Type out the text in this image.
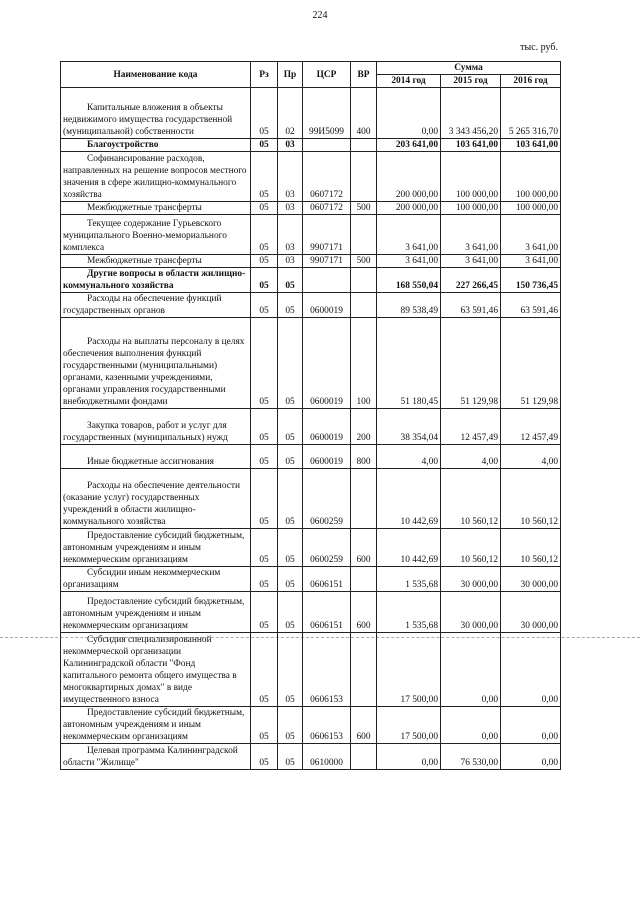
224
тыс. руб.
Наименование кода	Рз	Пр	ЦСР	ВР	Сумма		
					2014 год	2015 год	2016 год
Капитальные вложения в объекты недвижимого имущества государственной (муниципальной) собственности	05	02	99И5099	400	0,00	3 343 456,20	5 265 316,70
Благоустройство	05	03			203 641,00	103 641,00	103 641,00
Софинансирование расходов, направленных на решение вопросов местного значения в сфере жилищно-коммунального хозяйства	05	03	0607172		200 000,00	100 000,00	100 000,00
Межбюджетные трансферты	05	03	0607172	500	200 000,00	100 000,00	100 000,00
Текущее содержание Гурьевского муниципального Военно-мемориального комплекса	05	03	9907171		3 641,00	3 641,00	3 641,00
Межбюджетные трансферты	05	03	9907171	500	3 641,00	3 641,00	3 641,00
Другие вопросы в области жилищно-коммунального хозяйства	05	05			168 550,04	227 266,45	150 736,45
Расходы на обеспечение функций государственных органов	05	05	0600019		89 538,49	63 591,46	63 591,46
Расходы на выплаты персоналу в целях обеспечения выполнения функций государственными (муниципальными) органами, казенными учреждениями, органами управления государственными внебюджетными фондами	05	05	0600019	100	51 180,45	51 129,98	51 129,98
Закупка товаров, работ и услуг для государственных (муниципальных) нужд	05	05	0600019	200	38 354,04	12 457,49	12 457,49
Иные бюджетные ассигнования	05	05	0600019	800	4,00	4,00	4,00
Расходы на обеспечение деятельности (оказание услуг) государственных учреждений в области жилищно-коммунального хозяйства	05	05	0600259		10 442,69	10 560,12	10 560,12
Предоставление субсидий бюджетным, автономным учреждениям и иным некоммерческим организациям	05	05	0600259	600	10 442,69	10 560,12	10 560,12
Субсидии иным некоммерческим организациям	05	05	0606151		1 535,68	30 000,00	30 000,00
Предоставление субсидий бюджетным, автономным учреждениям и иным некоммерческим организациям	05	05	0606151	600	1 535,68	30 000,00	30 000,00
Субсидия специализированной некоммерческой организации Калининградской области "Фонд капитального ремонта общего имущества в многоквартирных домах" в виде имущественного взноса	05	05	0606153		17 500,00	0,00	0,00
Предоставление субсидий бюджетным, автономным учреждениям и иным некоммерческим организациям	05	05	0606153	600	17 500,00	0,00	0,00
Целевая программа Калининградской области "Жилище"	05	05	0610000		0,00	76 530,00	0,00
